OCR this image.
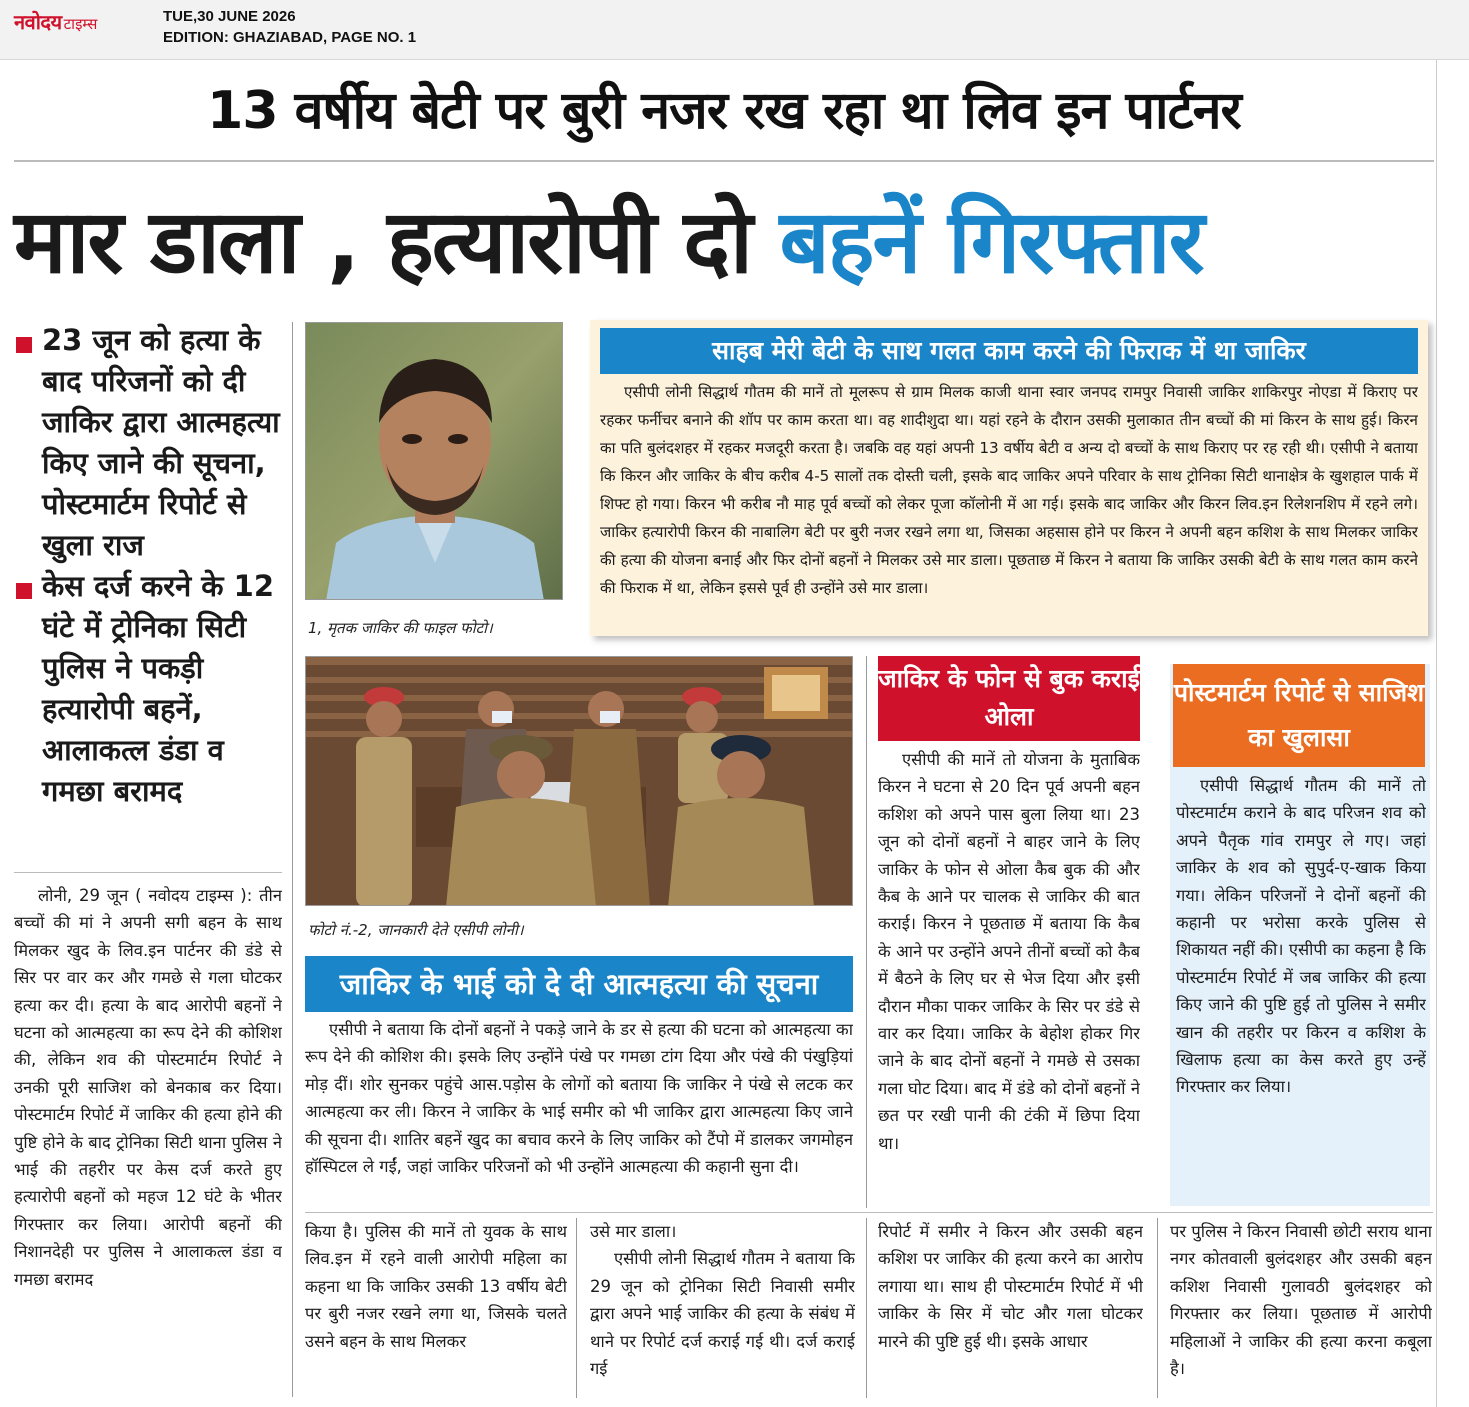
नवोदय टाइम्स	TUE,30 JUNE 2026
EDITION: GHAZIABAD, PAGE NO. 1
13 वर्षीय बेटी पर बुरी नजर रख रहा था लिव इन पार्टनर
मार डाला , हत्यारोपी दो बहनें गिरफ्तार
23 जून को हत्या के बाद परिजनों को दी जाकिर द्वारा आत्महत्या किए जाने की सूचना, पोस्टमार्टम रिपोर्ट से खुला राज
केस दर्ज करने के 12 घंटे में ट्रोनिका सिटी पुलिस ने पकड़ी हत्यारोपी बहनें, आलाकत्ल डंडा व गमछा बरामद
लोनी, 29 जून ( नवोदय टाइम्स ): तीन बच्चों की मां ने अपनी सगी बहन के साथ मिलकर खुद के लिव.इन पार्टनर की डंडे से सिर पर वार कर और गमछे से गला घोटकर हत्या कर दी। हत्या के बाद आरोपी बहनों ने घटना को आत्महत्या का रूप देने की कोशिश की, लेकिन शव की पोस्टमार्टम रिपोर्ट ने उनकी पूरी साजिश को बेनकाब कर दिया। पोस्टमार्टम रिपोर्ट में जाकिर की हत्या होने की पुष्टि होने के बाद ट्रोनिका सिटी थाना पुलिस ने भाई की तहरीर पर केस दर्ज करते हुए हत्यारोपी बहनों को महज 12 घंटे के भीतर गिरफ्तार कर लिया। आरोपी बहनों की निशानदेही पर पुलिस ने आलाकत्ल डंडा व गमछा बरामद
1, मृतक जाकिर की फाइल फोटो।
साहब मेरी बेटी के साथ गलत काम करने की फिराक में था जाकिर
एसीपी लोनी सिद्धार्थ गौतम की मानें तो मूलरूप से ग्राम मिलक काजी थाना स्वार जनपद रामपुर निवासी जाकिर शाकिरपुर नोएडा में किराए पर रहकर फर्नीचर बनाने की शॉप पर काम करता था। वह शादीशुदा था। यहां रहने के दौरान उसकी मुलाकात तीन बच्चों की मां किरन के साथ हुई। किरन का पति बुलंदशहर में रहकर मजदूरी करता है। जबकि वह यहां अपनी 13 वर्षीय बेटी व अन्य दो बच्चों के साथ किराए पर रह रही थी। एसीपी ने बताया कि किरन और जाकिर के बीच करीब 4-5 सालों तक दोस्ती चली, इसके बाद जाकिर अपने परिवार के साथ ट्रोनिका सिटी थानाक्षेत्र के खुशहाल पार्क में शिफ्ट हो गया। किरन भी करीब नौ माह पूर्व बच्चों को लेकर पूजा कॉलोनी में आ गई। इसके बाद जाकिर और किरन लिव.इन रिलेशनशिप में रहने लगे। जाकिर हत्यारोपी किरन की नाबालिग बेटी पर बुरी नजर रखने लगा था, जिसका अहसास होने पर किरन ने अपनी बहन कशिश के साथ मिलकर जाकिर की हत्या की योजना बनाई और फिर दोनों बहनों ने मिलकर उसे मार डाला। पूछताछ में किरन ने बताया कि जाकिर उसकी बेटी के साथ गलत काम करने की फिराक में था, लेकिन इससे पूर्व ही उन्होंने उसे मार डाला।
फोटो नं.-2, जानकारी देते एसीपी लोनी।
जाकिर के भाई को दे दी आत्महत्या की सूचना
एसीपी ने बताया कि दोनों बहनों ने पकड़े जाने के डर से हत्या की घटना को आत्महत्या का रूप देने की कोशिश की। इसके लिए उन्होंने पंखे पर गमछा टांग दिया और पंखे की पंखुड़ियां मोड़ दीं। शोर सुनकर पहुंचे आस.पड़ोस के लोगों को बताया कि जाकिर ने पंखे से लटक कर आत्महत्या कर ली। किरन ने जाकिर के भाई समीर को भी जाकिर द्वारा आत्महत्या किए जाने की सूचना दी। शातिर बहनें खुद का बचाव करने के लिए जाकिर को टैंपो में डालकर जगमोहन हॉस्पिटल ले गईं, जहां जाकिर परिजनों को भी उन्होंने आत्महत्या की कहानी सुना दी।
जाकिर के फोन से बुक कराई ओला
एसीपी की मानें तो योजना के मुताबिक किरन ने घटना से 20 दिन पूर्व अपनी बहन कशिश को अपने पास बुला लिया था। 23 जून को दोनों बहनों ने बाहर जाने के लिए जाकिर के फोन से ओला कैब बुक की और कैब के आने पर चालक से जाकिर की बात कराई। किरन ने पूछताछ में बताया कि कैब के आने पर उन्होंने अपने तीनों बच्चों को कैब में बैठने के लिए घर से भेज दिया और इसी दौरान मौका पाकर जाकिर के सिर पर डंडे से वार कर दिया। जाकिर के बेहोश होकर गिर जाने के बाद दोनों बहनों ने गमछे से उसका गला घोट दिया। बाद में डंडे को दोनों बहनों ने छत पर रखी पानी की टंकी में छिपा दिया था।
पोस्टमार्टम रिपोर्ट से साजिश का खुलासा
एसीपी सिद्धार्थ गौतम की मानें तो पोस्टमार्टम कराने के बाद परिजन शव को अपने पैतृक गांव रामपुर ले गए। जहां जाकिर के शव को सुपुर्द-ए-खाक किया गया। लेकिन परिजनों ने दोनों बहनों की कहानी पर भरोसा करके पुलिस से शिकायत नहीं की। एसीपी का कहना है कि पोस्टमार्टम रिपोर्ट में जब जाकिर की हत्या किए जाने की पुष्टि हुई तो पुलिस ने समीर खान की तहरीर पर किरन व कशिश के खिलाफ हत्या का केस करते हुए उन्हें गिरफ्तार कर लिया।
किया है। पुलिस की मानें तो युवक के साथ लिव.इन में रहने वाली आरोपी महिला का कहना था कि जाकिर उसकी 13 वर्षीय बेटी पर बुरी नजर रखने लगा था, जिसके चलते उसने बहन के साथ मिलकर
उसे मार डाला।
एसीपी लोनी सिद्धार्थ गौतम ने बताया कि 29 जून को ट्रोनिका सिटी निवासी समीर द्वारा अपने भाई जाकिर की हत्या के संबंध में थाने पर रिपोर्ट दर्ज कराई गई थी। दर्ज कराई गई
रिपोर्ट में समीर ने किरन और उसकी बहन कशिश पर जाकिर की हत्या करने का आरोप लगाया था। साथ ही पोस्टमार्टम रिपोर्ट में भी जाकिर के सिर में चोट और गला घोटकर मारने की पुष्टि हुई थी। इसके आधार
पर पुलिस ने किरन निवासी छोटी सराय थाना नगर कोतवाली बुलंदशहर और उसकी बहन कशिश निवासी गुलावठी बुलंदशहर को गिरफ्तार कर लिया। पूछताछ में आरोपी महिलाओं ने जाकिर की हत्या करना कबूला है।
